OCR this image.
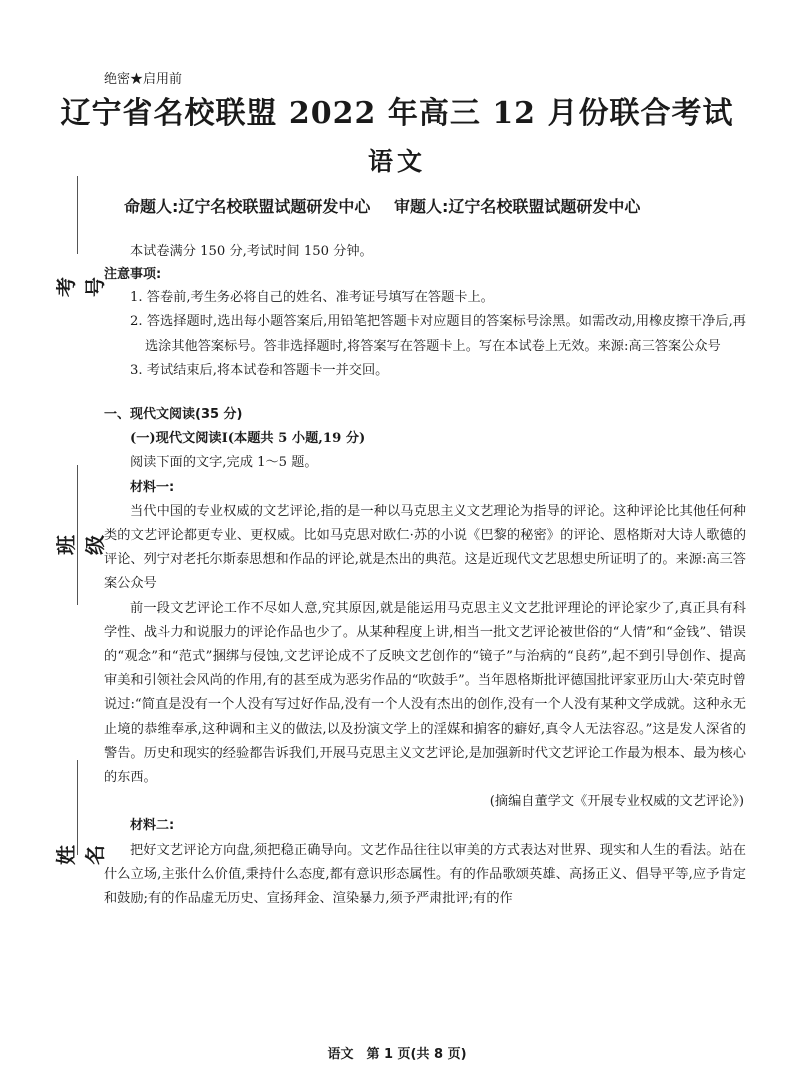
绝密★启用前
辽宁省名校联盟 2022 年高三 12 月份联合考试
语文
命题人:辽宁名校联盟试题研发中心 审题人:辽宁名校联盟试题研发中心
考号
班级
姓名

本试卷满分 150 分,考试时间 150 分钟。

注意事项:

1. 答卷前,考生务必将自己的姓名、准考证号填写在答题卡上。

2. 答选择题时,选出每小题答案后,用铅笔把答题卡对应题目的答案标号涂黑。如需改动,用橡皮擦干净后,再选涂其他答案标号。答非选择题时,将答案写在答题卡上。写在本试卷上无效。来源:高三答案公众号

3. 考试结束后,将本试卷和答题卡一并交回。

一、现代文阅读(35 分)

(一)现代文阅读Ⅰ(本题共 5 小题,19 分)

阅读下面的文字,完成 1～5 题。

材料一:

当代中国的专业权威的文艺评论,指的是一种以马克思主义文艺理论为指导的评论。这种评论比其他任何种类的文艺评论都更专业、更权威。比如马克思对欧仁·苏的小说《巴黎的秘密》的评论、恩格斯对大诗人歌德的评论、列宁对老托尔斯泰思想和作品的评论,就是杰出的典范。这是近现代文艺思想史所证明了的。来源:高三答案公众号

前一段文艺评论工作不尽如人意,究其原因,就是能运用马克思主义文艺批评理论的评论家少了,真正具有科学性、战斗力和说服力的评论作品也少了。从某种程度上讲,相当一批文艺评论被世俗的“人情”和“金钱”、错误的“观念”和“范式”捆绑与侵蚀,文艺评论成不了反映文艺创作的“镜子”与治病的“良药”,起不到引导创作、提高审美和引领社会风尚的作用,有的甚至成为恶劣作品的“吹鼓手”。当年恩格斯批评德国批评家亚历山大·荣克时曾说过:“简直是没有一个人没有写过好作品,没有一个人没有杰出的创作,没有一个人没有某种文学成就。这种永无止境的恭维奉承,这种调和主义的做法,以及扮演文学上的淫媒和掮客的癖好,真令人无法容忍。”这是发人深省的警告。历史和现实的经验都告诉我们,开展马克思主义文艺评论,是加强新时代文艺评论工作最为根本、最为核心的东西。

(摘编自董学文《开展专业权威的文艺评论》)

材料二:

把好文艺评论方向盘,须把稳正确导向。文艺作品往往以审美的方式表达对世界、现实和人生的看法。站在什么立场,主张什么价值,秉持什么态度,都有意识形态属性。有的作品歌颂英雄、高扬正义、倡导平等,应予肯定和鼓励;有的作品虚无历史、宣扬拜金、渲染暴力,须予严肃批评;有的作

语文　第 1 页(共 8 页)
